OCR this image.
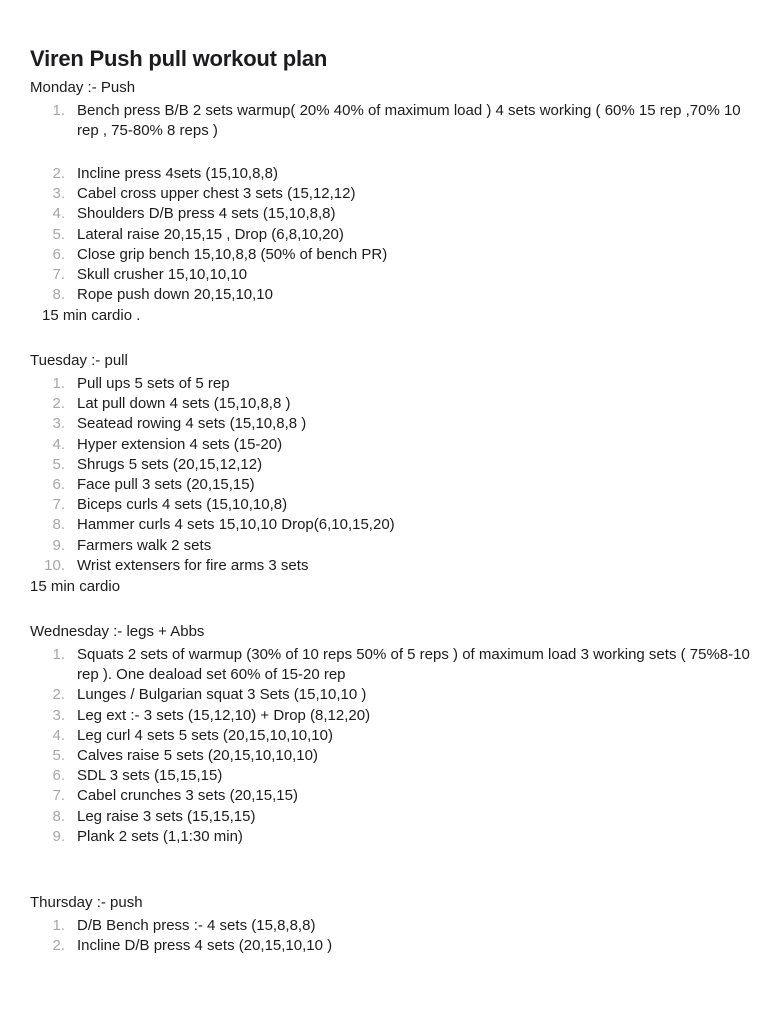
Viren Push pull workout plan
Monday :- Push
1. Bench press B/B 2 sets warmup( 20% 40% of maximum load ) 4 sets working ( 60% 15 rep ,70% 10 rep , 75-80% 8 reps )
2. Incline press 4sets (15,10,8,8)
3. Cabel cross upper chest 3 sets (15,12,12)
4. Shoulders D/B press 4 sets (15,10,8,8)
5. Lateral raise 20,15,15 , Drop (6,8,10,20)
6. Close grip bench 15,10,8,8 (50% of bench PR)
7. Skull crusher 15,10,10,10
8. Rope push down 20,15,10,10
15 min cardio .
Tuesday :- pull
1. Pull ups 5 sets of 5 rep
2. Lat pull down 4 sets (15,10,8,8 )
3. Seatead rowing 4 sets (15,10,8,8 )
4. Hyper extension 4 sets (15-20)
5. Shrugs 5 sets (20,15,12,12)
6. Face pull 3 sets (20,15,15)
7. Biceps curls 4 sets (15,10,10,8)
8. Hammer curls 4 sets 15,10,10 Drop(6,10,15,20)
9. Farmers walk 2 sets
10. Wrist extensers for fire arms 3 sets
15 min cardio
Wednesday :- legs + Abbs
1. Squats 2 sets of warmup (30% of 10 reps 50% of 5 reps ) of maximum load 3 working sets ( 75%8-10 rep ). One deaload set 60% of 15-20 rep
2. Lunges / Bulgarian squat 3 Sets (15,10,10 )
3. Leg ext :- 3 sets (15,12,10) + Drop (8,12,20)
4. Leg curl 4 sets 5 sets (20,15,10,10,10)
5. Calves raise 5 sets (20,15,10,10,10)
6. SDL 3 sets (15,15,15)
7. Cabel crunches 3 sets (20,15,15)
8. Leg raise 3 sets (15,15,15)
9. Plank 2 sets (1,1:30 min)
Thursday :- push
1. D/B Bench press :- 4 sets (15,8,8,8)
2. Incline D/B press 4 sets (20,15,10,10 )
